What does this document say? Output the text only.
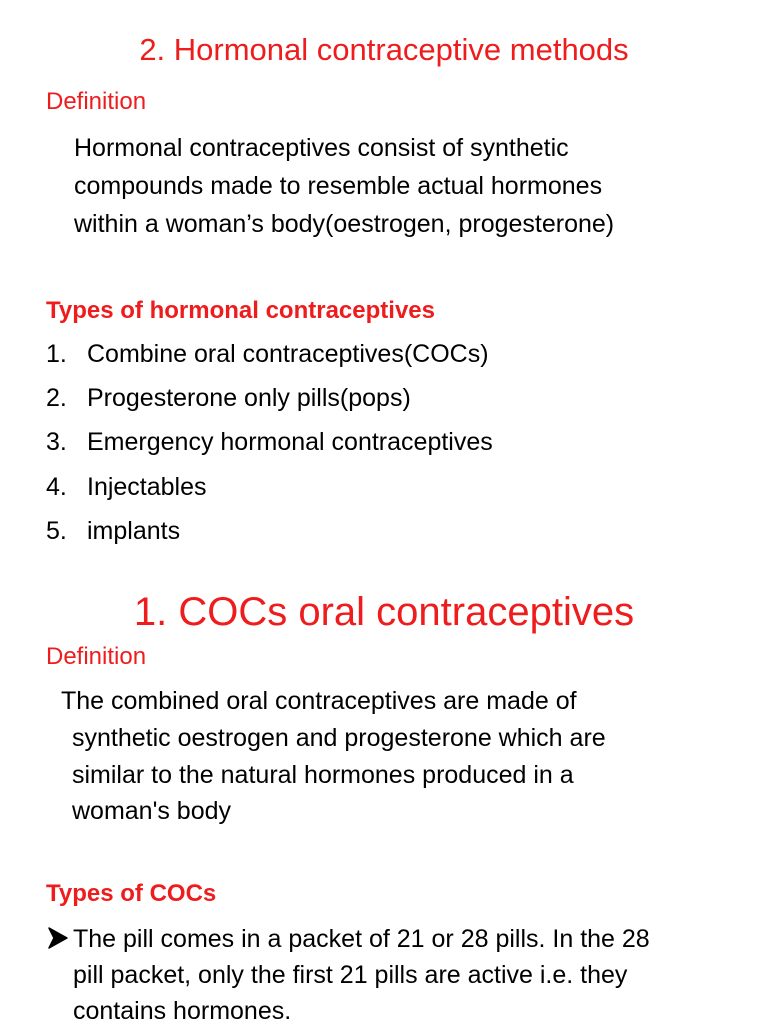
2. Hormonal contraceptive methods
Definition
Hormonal contraceptives consist of synthetic
compounds made to resemble actual hormones
within a woman’s body(oestrogen, progesterone)
Types of hormonal contraceptives
1. Combine oral contraceptives(COCs)
2. Progesterone only pills(pops)
3. Emergency hormonal contraceptives
4. Injectables
5. implants
1. COCs oral contraceptives
Definition
The combined oral contraceptives are made of
synthetic oestrogen and progesterone which are
similar to the natural hormones produced in a
woman's body
Types of COCs
The pill comes in a packet of 21 or 28 pills. In the 28
pill packet, only the first 21 pills are active i.e. they
contains hormones.
